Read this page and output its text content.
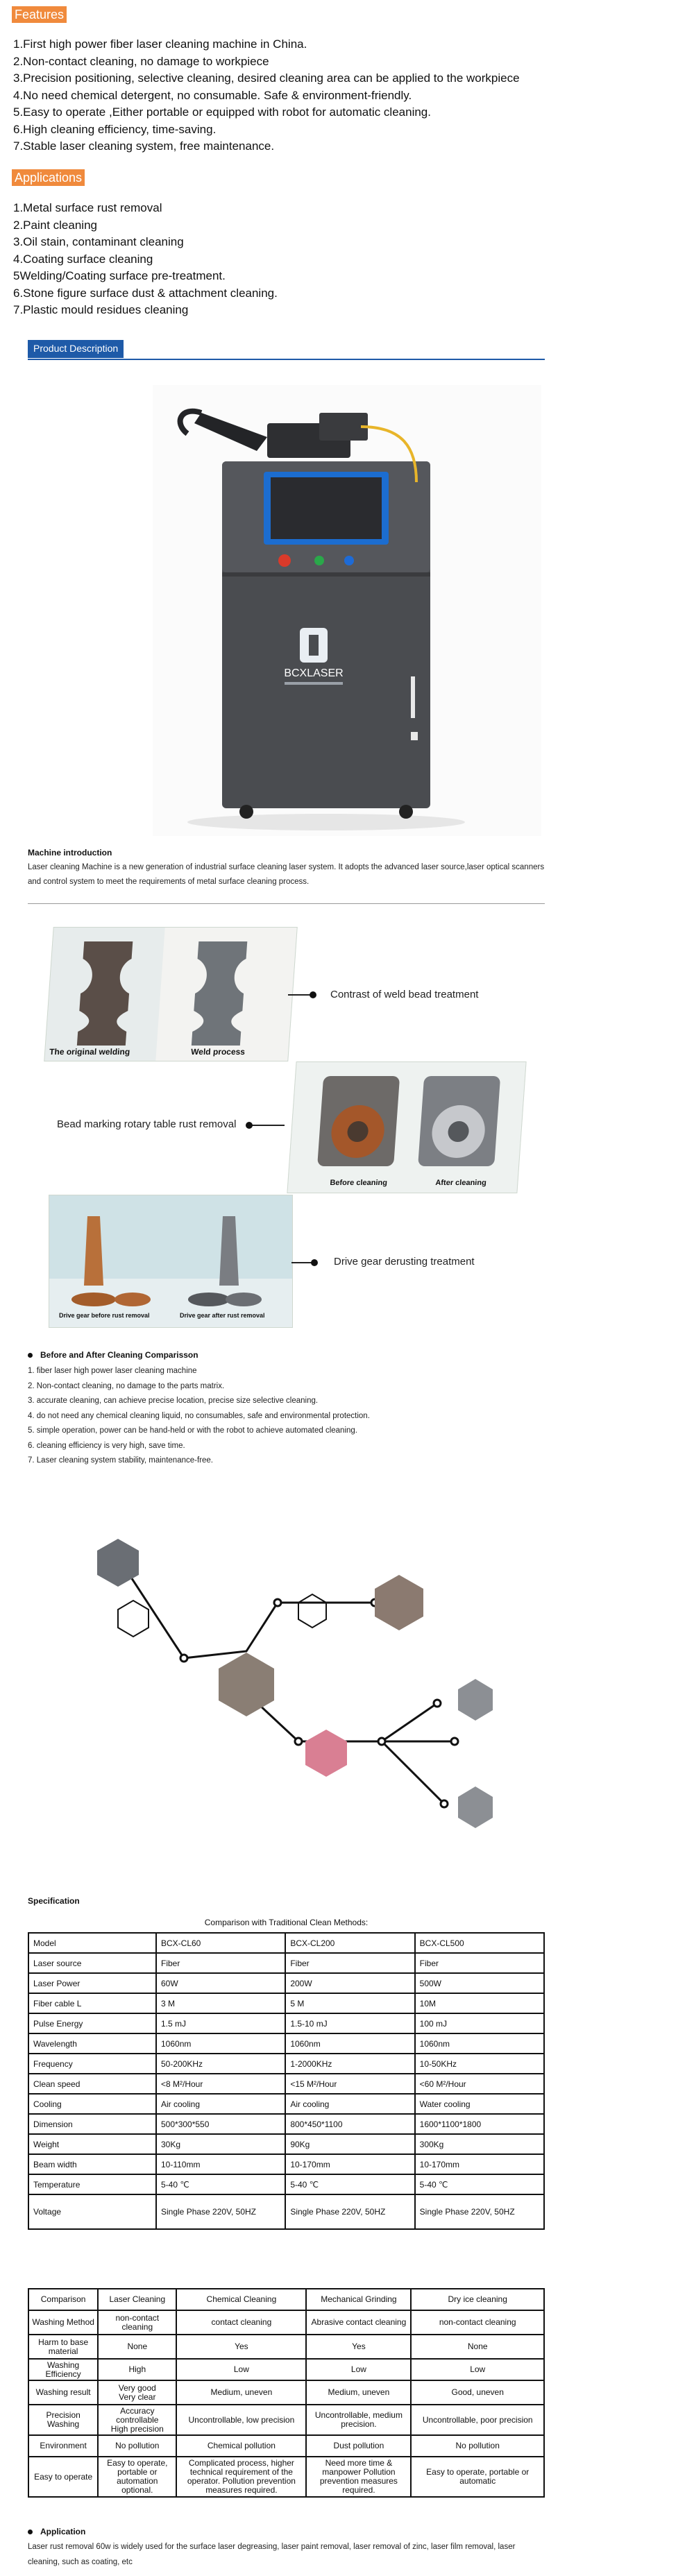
Features
1.First high power fiber laser cleaning machine in China.
2.Non-contact cleaning, no damage to workpiece
3.Precision positioning, selective cleaning, desired cleaning area can be applied to the workpiece
4.No need chemical detergent, no consumable. Safe & environment-friendly.
5.Easy to operate ,Either portable or equipped with robot for automatic cleaning.
6.High cleaning efficiency, time-saving.
7.Stable laser cleaning system, free maintenance.
Applications
1.Metal surface rust removal
2.Paint cleaning
3.Oil stain, contaminant cleaning
4.Coating surface cleaning
5Welding/Coating surface pre-treatment.
6.Stone figure surface dust & attachment cleaning.
7.Plastic mould residues cleaning
Product Description
BCXLASER
Machine introduction
Laser cleaning Machine is a new generation of industrial surface cleaning laser system. It adopts the advanced laser source,laser optical scanners and control system to meet the requirements of metal surface cleaning process.
The original welding	Weld process
Contrast of weld bead treatment
Bead marking rotary table rust removal
Before cleaning	After cleaning
Drive gear before rust removal	Drive gear after rust removal
Drive gear derusting treatment
Before and After Cleaning Comparisson
1. fiber laser high power laser cleaning machine
2. Non-contact cleaning, no damage to the parts matrix.
3. accurate cleaning, can achieve precise location, precise size selective cleaning.
4. do not need any chemical cleaning liquid, no consumables, safe and environmental protection.
5. simple operation, power can be hand-held or with the robot to achieve automated cleaning.
6. cleaning efficiency is very high, save time.
7. Laser cleaning system stability, maintenance-free.
Specification
Comparison with Traditional Clean Methods:
Model	BCX-CL60	BCX-CL200	BCX-CL500
Laser source	Fiber	Fiber	Fiber
Laser Power	60W	200W	500W
Fiber cable L	3 M	5 M	10M
Pulse Energy	1.5 mJ	1.5-10 mJ	100 mJ
Wavelength	1060nm	1060nm	1060nm
Frequency	50-200KHz	1-2000KHz	10-50KHz
Clean speed	<8 M²/Hour	<15 M²/Hour	<60 M²/Hour
Cooling	Air cooling	Air cooling	Water cooling
Dimension	500*300*550	800*450*1100	1600*1100*1800
Weight	30Kg	90Kg	300Kg
Beam width	10-110mm	10-170mm	10-170mm
Temperature	5-40 ℃	5-40 ℃	5-40 ℃
Voltage	Single Phase 220V, 50HZ	Single Phase 220V, 50HZ	Single Phase 220V, 50HZ
Comparison	Laser Cleaning	Chemical Cleaning	Mechanical Grinding	Dry ice cleaning
Washing Method	non-contact cleaning	contact cleaning	Abrasive contact cleaning	non-contact cleaning
Harm to base material	None	Yes	Yes	None
Washing Efficiency	High	Low	Low	Low
Washing result	Very good
Very clear	Medium, uneven	Medium, uneven	Good, uneven
Precision Washing	Accuracy controllable
High precision	Uncontrollable, low precision	Uncontrollable, medium precision.	Uncontrollable, poor precision
Environment	No pollution	Chemical pollution	Dust pollution	No pollution
Easy to operate	Easy to operate, portable or automation optional.	Complicated process, higher technical requirement of the operator. Pollution prevention measures required.	Need more time & manpower Pollution prevention measures required.	Easy to operate, portable or automatic
Application
Laser rust removal 60w is widely used for the surface laser degreasing, laser paint removal, laser removal of zinc, laser film removal, laser cleaning, such as coating, etc
